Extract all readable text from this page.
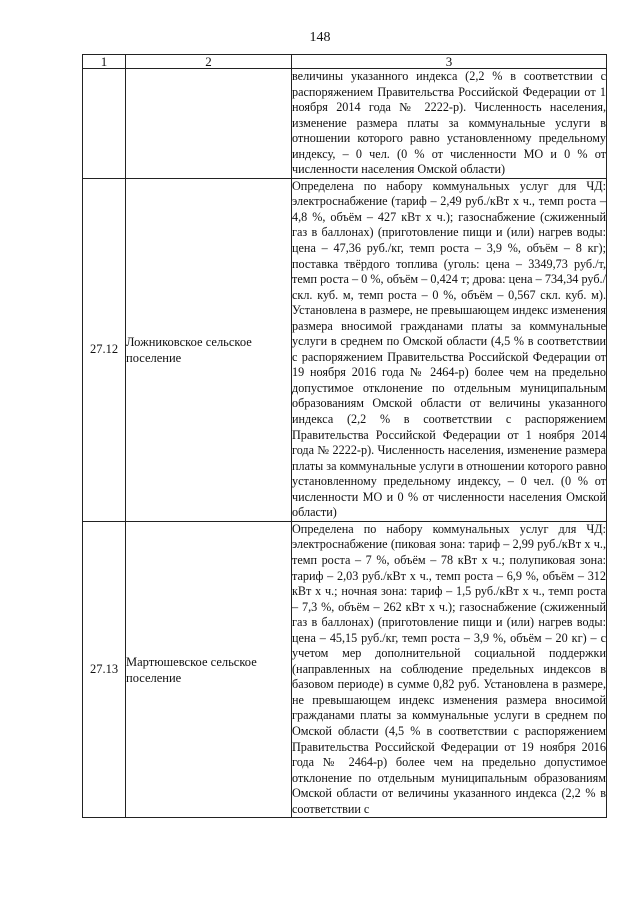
148
1	2	3
		величины указанного индекса (2,2 % в соответствии с распоряжением Правительства Российской Федерации от 1 ноября 2014 года № 2222-р). Численность населения, изменение размера платы за коммунальные услуги в отношении которого равно установленному предельному индексу, – 0 чел. (0 % от численности МО и 0 % от численности населения Омской области)
27.12	Ложниковское сельское поселение	Определена по набору коммунальных услуг для ЧД: электроснабжение (тариф – 2,49 руб./кВт х ч., темп роста – 4,8 %, объём – 427 кВт х ч.); газоснабжение (сжиженный газ в баллонах) (приготовление пищи и (или) нагрев воды: цена – 47,36 руб./кг, темп роста – 3,9 %, объём – 8 кг); поставка твёрдого топлива (уголь: цена – 3349,73 руб./т, темп роста – 0 %, объём – 0,424 т; дрова: цена – 734,34 руб./скл. куб. м, темп роста – 0 %, объём – 0,567 скл. куб. м). Установлена в размере, не превышающем индекс изменения размера вносимой гражданами платы за коммунальные услуги в среднем по Омской области (4,5 % в соответствии с распоряжением Правительства Российской Федерации от 19 ноября 2016 года № 2464-р) более чем на предельно допустимое отклонение по отдельным муниципальным образованиям Омской области от величины указанного индекса (2,2 % в соответствии с распоряжением Правительства Российской Федерации от 1 ноября 2014 года № 2222-р). Численность населения, изменение размера платы за коммунальные услуги в отношении которого равно установленному предельному индексу, – 0 чел. (0 % от численности МО и 0 % от численности населения Омской области)
27.13	Мартюшевское сельское поселение	Определена по набору коммунальных услуг для ЧД: электроснабжение (пиковая зона: тариф – 2,99 руб./кВт х ч., темп роста – 7 %, объём – 78 кВт х ч.; полупиковая зона: тариф – 2,03 руб./кВт х ч., темп роста – 6,9 %, объём – 312 кВт х ч.; ночная зона: тариф – 1,5 руб./кВт х ч., темп роста – 7,3 %, объём – 262 кВт х ч.); газоснабжение (сжиженный газ в баллонах) (приготовление пищи и (или) нагрев воды: цена – 45,15 руб./кг, темп роста – 3,9 %, объём – 20 кг) – с учетом мер дополнительной социальной поддержки (направленных на соблюдение предельных индексов в базовом периоде) в сумме 0,82 руб. Установлена в размере, не превышающем индекс изменения размера вносимой гражданами платы за коммунальные услуги в среднем по Омской области (4,5 % в соответствии с распоряжением Правительства Российской Федерации от 19 ноября 2016 года № 2464-р) более чем на предельно допустимое отклонение по отдельным муниципальным образованиям Омской области от величины указанного индекса (2,2 % в соответствии с
